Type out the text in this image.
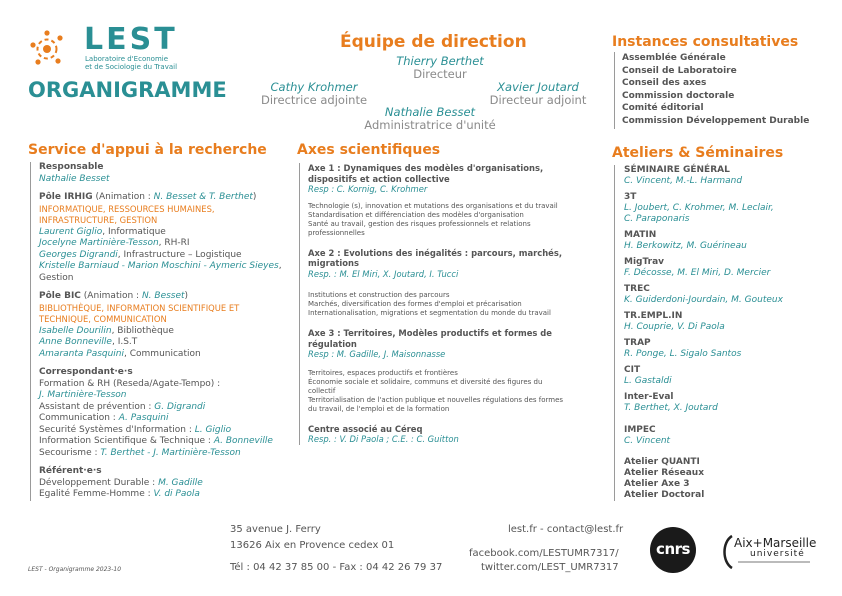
LEST
Laboratoire d'Economie
et de Sociologie du Travail
ORGANIGRAMME
Équipe de direction
Thierry Berthet
Directeur
Cathy Krohmer
Directrice adjointe
Xavier Joutard
Directeur adjoint
Nathalie Besset
Administratrice d'unité
Instances consultatives
Assemblée Générale
Conseil de Laboratoire
Conseil des axes
Commission doctorale
Comité éditorial
Commission Développement Durable
Service d'appui à la recherche
Responsable
Nathalie Besset
Pôle IRHIG (Animation : N. Besset & T. Berthet)
INFORMATIQUE, RESSOURCES HUMAINES,
INFRASTRUCTURE, GESTION
Laurent Giglio, Informatique
Jocelyne Martinière-Tesson, RH-RI
Georges Digrandi, Infrastructure – Logistique
Kristelle Barniaud - Marion Moschini - Aymeric Sieyes,
Gestion
Pôle BIC (Animation : N. Besset)
BIBLIOTHÈQUE, INFORMATION SCIENTIFIQUE ET
TECHNIQUE, COMMUNICATION
Isabelle Dourilin, Bibliothèque
Anne Bonneville, I.S.T
Amaranta Pasquini, Communication
Correspondant·e·s
Formation & RH (Reseda/Agate-Tempo) :
J. Martinière-Tesson
Assistant de prévention : G. Digrandi
Communication : A. Pasquini
Securité Systèmes d'Information : L. Giglio
Information Scientifique & Technique : A. Bonneville
Secourisme : T. Berthet - J. Martinière-Tesson
Référent·e·s
Développement Durable : M. Gadille
Egalité Femme-Homme : V. di Paola
Axes scientifiques
Axe 1 : Dynamiques des modèles d'organisations,
dispositifs et action collective
Resp : C. Kornig, C. Krohmer
Technologie (s), innovation et mutations des organisations et du travail
Standardisation et différenciation des modèles d'organisation
Santé au travail, gestion des risques professionnels et relations
professionnelles
Axe 2 : Evolutions des inégalités : parcours, marchés,
migrations
Resp. : M. El Miri, X. Joutard, I. Tucci
Institutions et construction des parcours
Marchés, diversification des formes d'emploi et précarisation
Internationalisation, migrations et segmentation du monde du travail
Axe 3 : Territoires, Modèles productifs et formes de
régulation
Resp : M. Gadille, J. Maisonnasse
Territoires, espaces productifs et frontières
Économie sociale et solidaire, communs et diversité des figures du
collectif
Territorialisation de l'action publique et nouvelles régulations des formes
du travail, de l'emploi et de la formation
Centre associé au Céreq
Resp. : V. Di Paola ; C.E. : C. Guitton
Ateliers & Séminaires
SÉMINAIRE GÉNÉRAL
C. Vincent, M.-L. Harmand
3T
L. Joubert, C. Krohmer, M. Leclair,
C. Paraponaris
MATIN
H. Berkowitz, M. Guérineau
MigTrav
F. Décosse, M. El Miri, D. Mercier
TREC
K. Guiderdoni-Jourdain, M. Gouteux
TR.EMPL.IN
H. Couprie, V. Di Paola
TRAP
R. Ponge, L. Sigalo Santos
CIT
L. Gastaldi
Inter-Eval
T. Berthet, X. Joutard
IMPEC
C. Vincent
Atelier QUANTI
Atelier Réseaux
Atelier Axe 3
Atelier Doctoral
LEST - Organigramme 2023-10
35 avenue J. Ferry
13626 Aix en Provence cedex 01
Tél : 04 42 37 85 00 - Fax : 04 42 26 79 37
lest.fr - contact@lest.fr
facebook.com/LESTUMR7317/
twitter.com/LEST_UMR7317
cnrs	Aix+Marseille
université
